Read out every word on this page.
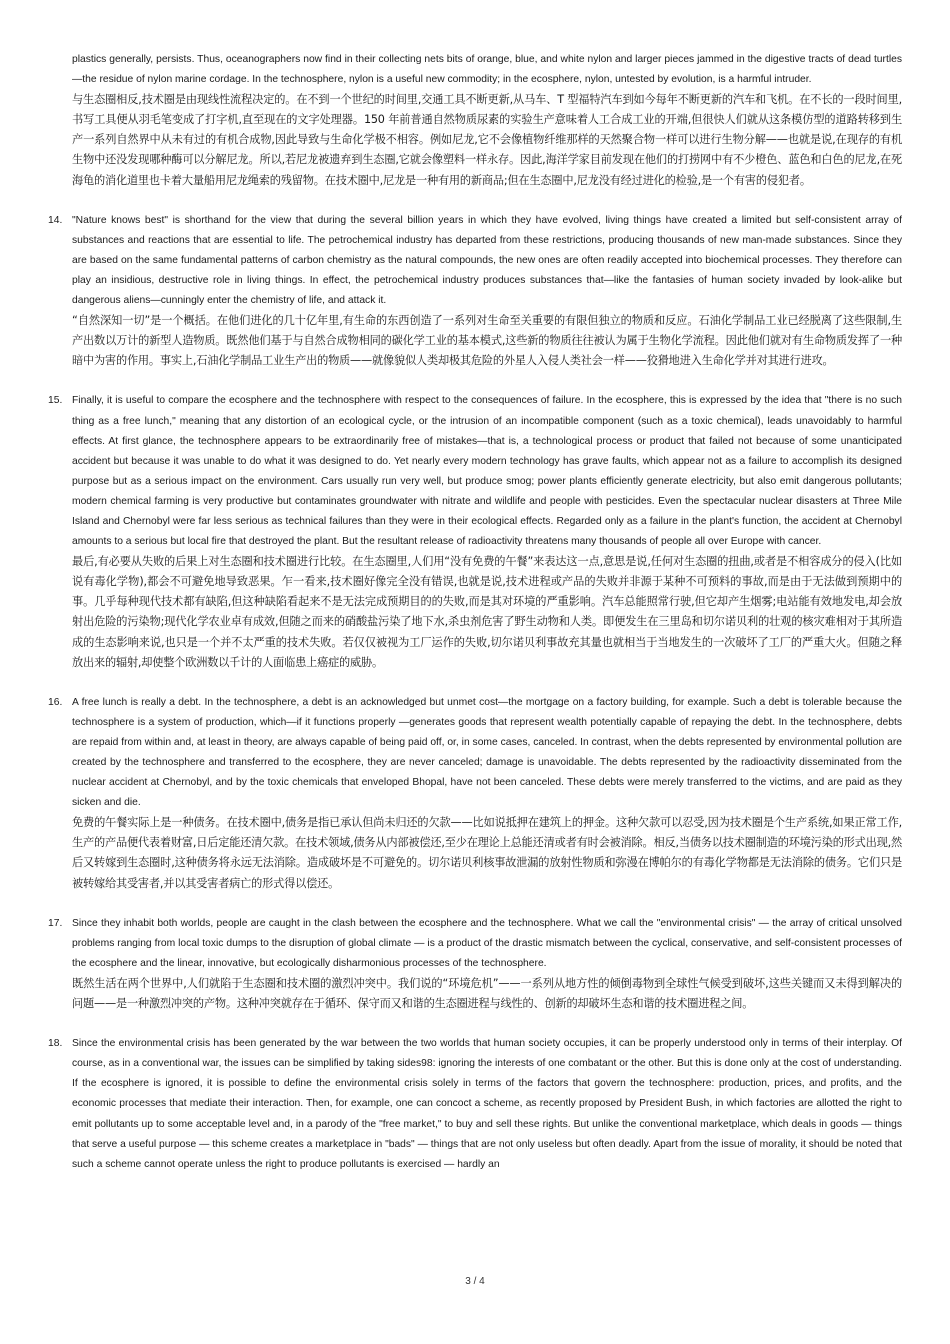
plastics generally, persists. Thus, oceanographers now find in their collecting nets bits of orange, blue, and white nylon and larger pieces jammed in the digestive tracts of dead turtles—the residue of nylon marine cordage. In the technosphere, nylon is a useful new commodity; in the ecosphere, nylon, untested by evolution, is a harmful intruder.

与生态圈相反,技术圈是由现线性流程决定的。在不到一个世纪的时间里,交通工具不断更新,从马车、T 型福特汽车到如今每年不断更新的汽车和飞机。在不长的一段时间里,书写工具便从羽毛笔变成了打字机,直至现在的文字处理器。150 年前普通自然物质尿素的实验生产意味着人工合成工业的开端,但很快人们就从这条模仿型的道路转移到生产一系列自然界中从未有过的有机合成物,因此导致与生命化学极不相容。例如尼龙,它不会像植物纤维那样的天然聚合物一样可以进行生物分解——也就是说,在现存的有机生物中还没发现哪种酶可以分解尼龙。所以,若尼龙被遗弃到生态圈,它就会像塑料一样永存。因此,海洋学家目前发现在他们的打捞网中有不少橙色、蓝色和白色的尼龙,在死海龟的消化道里也卡着大量船用尼龙绳索的残留物。在技术圈中,尼龙是一种有用的新商品;但在生态圈中,尼龙没有经过进化的检验,是一个有害的侵犯者。

14. "Nature knows best" is shorthand for the view that during the several billion years in which they have evolved, living things have created a limited but self-consistent array of substances and reactions that are essential to life. The petrochemical industry has departed from these restrictions, producing thousands of new man-made substances. Since they are based on the same fundamental patterns of carbon chemistry as the natural compounds, the new ones are often readily accepted into biochemical processes. They therefore can play an insidious, destructive role in living things. In effect, the petrochemical industry produces substances that—like the fantasies of human society invaded by look-alike but dangerous aliens—cunningly enter the chemistry of life, and attack it.

“自然深知一切”是一个概括。在他们进化的几十亿年里,有生命的东西创造了一系列对生命至关重要的有限但独立的物质和反应。石油化学制品工业已经脱离了这些限制,生产出数以万计的新型人造物质。既然他们基于与自然合成物相同的碳化学工业的基本模式,这些新的物质往往被认为属于生物化学流程。因此他们就对有生命物质发挥了一种暗中为害的作用。事实上,石油化学制品工业生产出的物质——就像貌似人类却极其危险的外星人入侵人类社会一样——狡猾地进入生命化学并对其进行进攻。

15. Finally, it is useful to compare the ecosphere and the technosphere with respect to the consequences of failure. In the ecosphere, this is expressed by the idea that "there is no such thing as a free lunch," meaning that any distortion of an ecological cycle, or the intrusion of an incompatible component (such as a toxic chemical), leads unavoidably to harmful effects. At first glance, the technosphere appears to be extraordinarily free of mistakes—that is, a technological process or product that failed not because of some unanticipated accident but because it was unable to do what it was designed to do. Yet nearly every modern technology has grave faults, which appear not as a failure to accomplish its designed purpose but as a serious impact on the environment. Cars usually run very well, but produce smog; power plants efficiently generate electricity, but also emit dangerous pollutants; modern chemical farming is very productive but contaminates groundwater with nitrate and wildlife and people with pesticides. Even the spectacular nuclear disasters at Three Mile Island and Chernobyl were far less serious as technical failures than they were in their ecological effects. Regarded only as a failure in the plant's function, the accident at Chernobyl amounts to a serious but local fire that destroyed the plant. But the resultant release of radioactivity threatens many thousands of people all over Europe with cancer.

最后,有必要从失败的后果上对生态圈和技术圈进行比较。在生态圈里,人们用“没有免费的午餐”来表达这一点,意思是说,任何对生态圈的扭曲,或者是不相容成分的侵入(比如说有毒化学物),都会不可避免地导致恶果。乍一看来,技术圈好像完全没有错误,也就是说,技术进程或产品的失败并非源于某种不可预料的事故,而是由于无法做到预期中的事。几乎每种现代技术都有缺陷,但这种缺陷看起来不是无法完成预期目的的失败,而是其对环境的严重影响。汽车总能照常行驶,但它却产生烟雾;电站能有效地发电,却会放射出危险的污染物;现代化学农业卓有成效,但随之而来的硝酸盐污染了地下水,杀虫剂危害了野生动物和人类。即便发生在三里岛和切尔诺贝利的壮观的核灾难相对于其所造成的生态影响来说,也只是一个并不太严重的技术失败。若仅仅被视为工厂运作的失败,切尔诺贝利事故充其量也就相当于当地发生的一次破坏了工厂的严重大火。但随之释放出来的辐射,却使整个欧洲数以千计的人面临患上癌症的威胁。

16. A free lunch is really a debt. In the technosphere, a debt is an acknowledged but unmet cost—the mortgage on a factory building, for example. Such a debt is tolerable because the technosphere is a system of production, which—if it functions properly —generates goods that represent wealth potentially capable of repaying the debt. In the technosphere, debts are repaid from within and, at least in theory, are always capable of being paid off, or, in some cases, canceled. In contrast, when the debts represented by environmental pollution are created by the technosphere and transferred to the ecosphere, they are never canceled; damage is unavoidable. The debts represented by the radioactivity disseminated from the nuclear accident at Chernobyl, and by the toxic chemicals that enveloped Bhopal, have not been canceled. These debts were merely transferred to the victims, and are paid as they sicken and die.

免费的午餐实际上是一种债务。在技术圈中,债务是指已承认但尚未归还的欠款——比如说抵押在建筑上的押金。这种欠款可以忍受,因为技术圈是个生产系统,如果正常工作,生产的产品便代表着财富,日后定能还清欠款。在技术领域,债务从内部被偿还,至少在理论上总能还清或者有时会被消除。相反,当债务以技术圈制造的环境污染的形式出现,然后又转嫁到生态圈时,这种债务将永远无法消除。造成破坏是不可避免的。切尔诺贝利核事故泄漏的放射性物质和弥漫在博帕尔的有毒化学物都是无法消除的债务。它们只是被转嫁给其受害者,并以其受害者病亡的形式得以偿还。

17. Since they inhabit both worlds, people are caught in the clash between the ecosphere and the technosphere. What we call the "environmental crisis" — the array of critical unsolved problems ranging from local toxic dumps to the disruption of global climate — is a product of the drastic mismatch between the cyclical, conservative, and self-consistent processes of the ecosphere and the linear, innovative, but ecologically disharmonious processes of the technosphere.

既然生活在两个世界中,人们就陷于生态圈和技术圈的激烈冲突中。我们说的“环境危机”——一系列从地方性的倾倒毒物到全球性气候受到破坏,这些关键而又未得到解决的问题——是一种激烈冲突的产物。这种冲突就存在于循环、保守而又和谐的生态圈进程与线性的、创新的却破坏生态和谐的技术圈进程之间。

18. Since the environmental crisis has been generated by the war between the two worlds that human society occupies, it can be properly understood only in terms of their interplay. Of course, as in a conventional war, the issues can be simplified by taking sides98: ignoring the interests of one combatant or the other. But this is done only at the cost of understanding. If the ecosphere is ignored, it is possible to define the environmental crisis solely in terms of the factors that govern the technosphere: production, prices, and profits, and the economic processes that mediate their interaction. Then, for example, one can concoct a scheme, as recently proposed by President Bush, in which factories are allotted the right to emit pollutants up to some acceptable level and, in a parody of the "free market," to buy and sell these rights. But unlike the conventional marketplace, which deals in goods — things that serve a useful purpose — this scheme creates a marketplace in "bads" — things that are not only useless but often deadly. Apart from the issue of morality, it should be noted that such a scheme cannot operate unless the right to produce pollutants is exercised — hardly an

3 / 4
